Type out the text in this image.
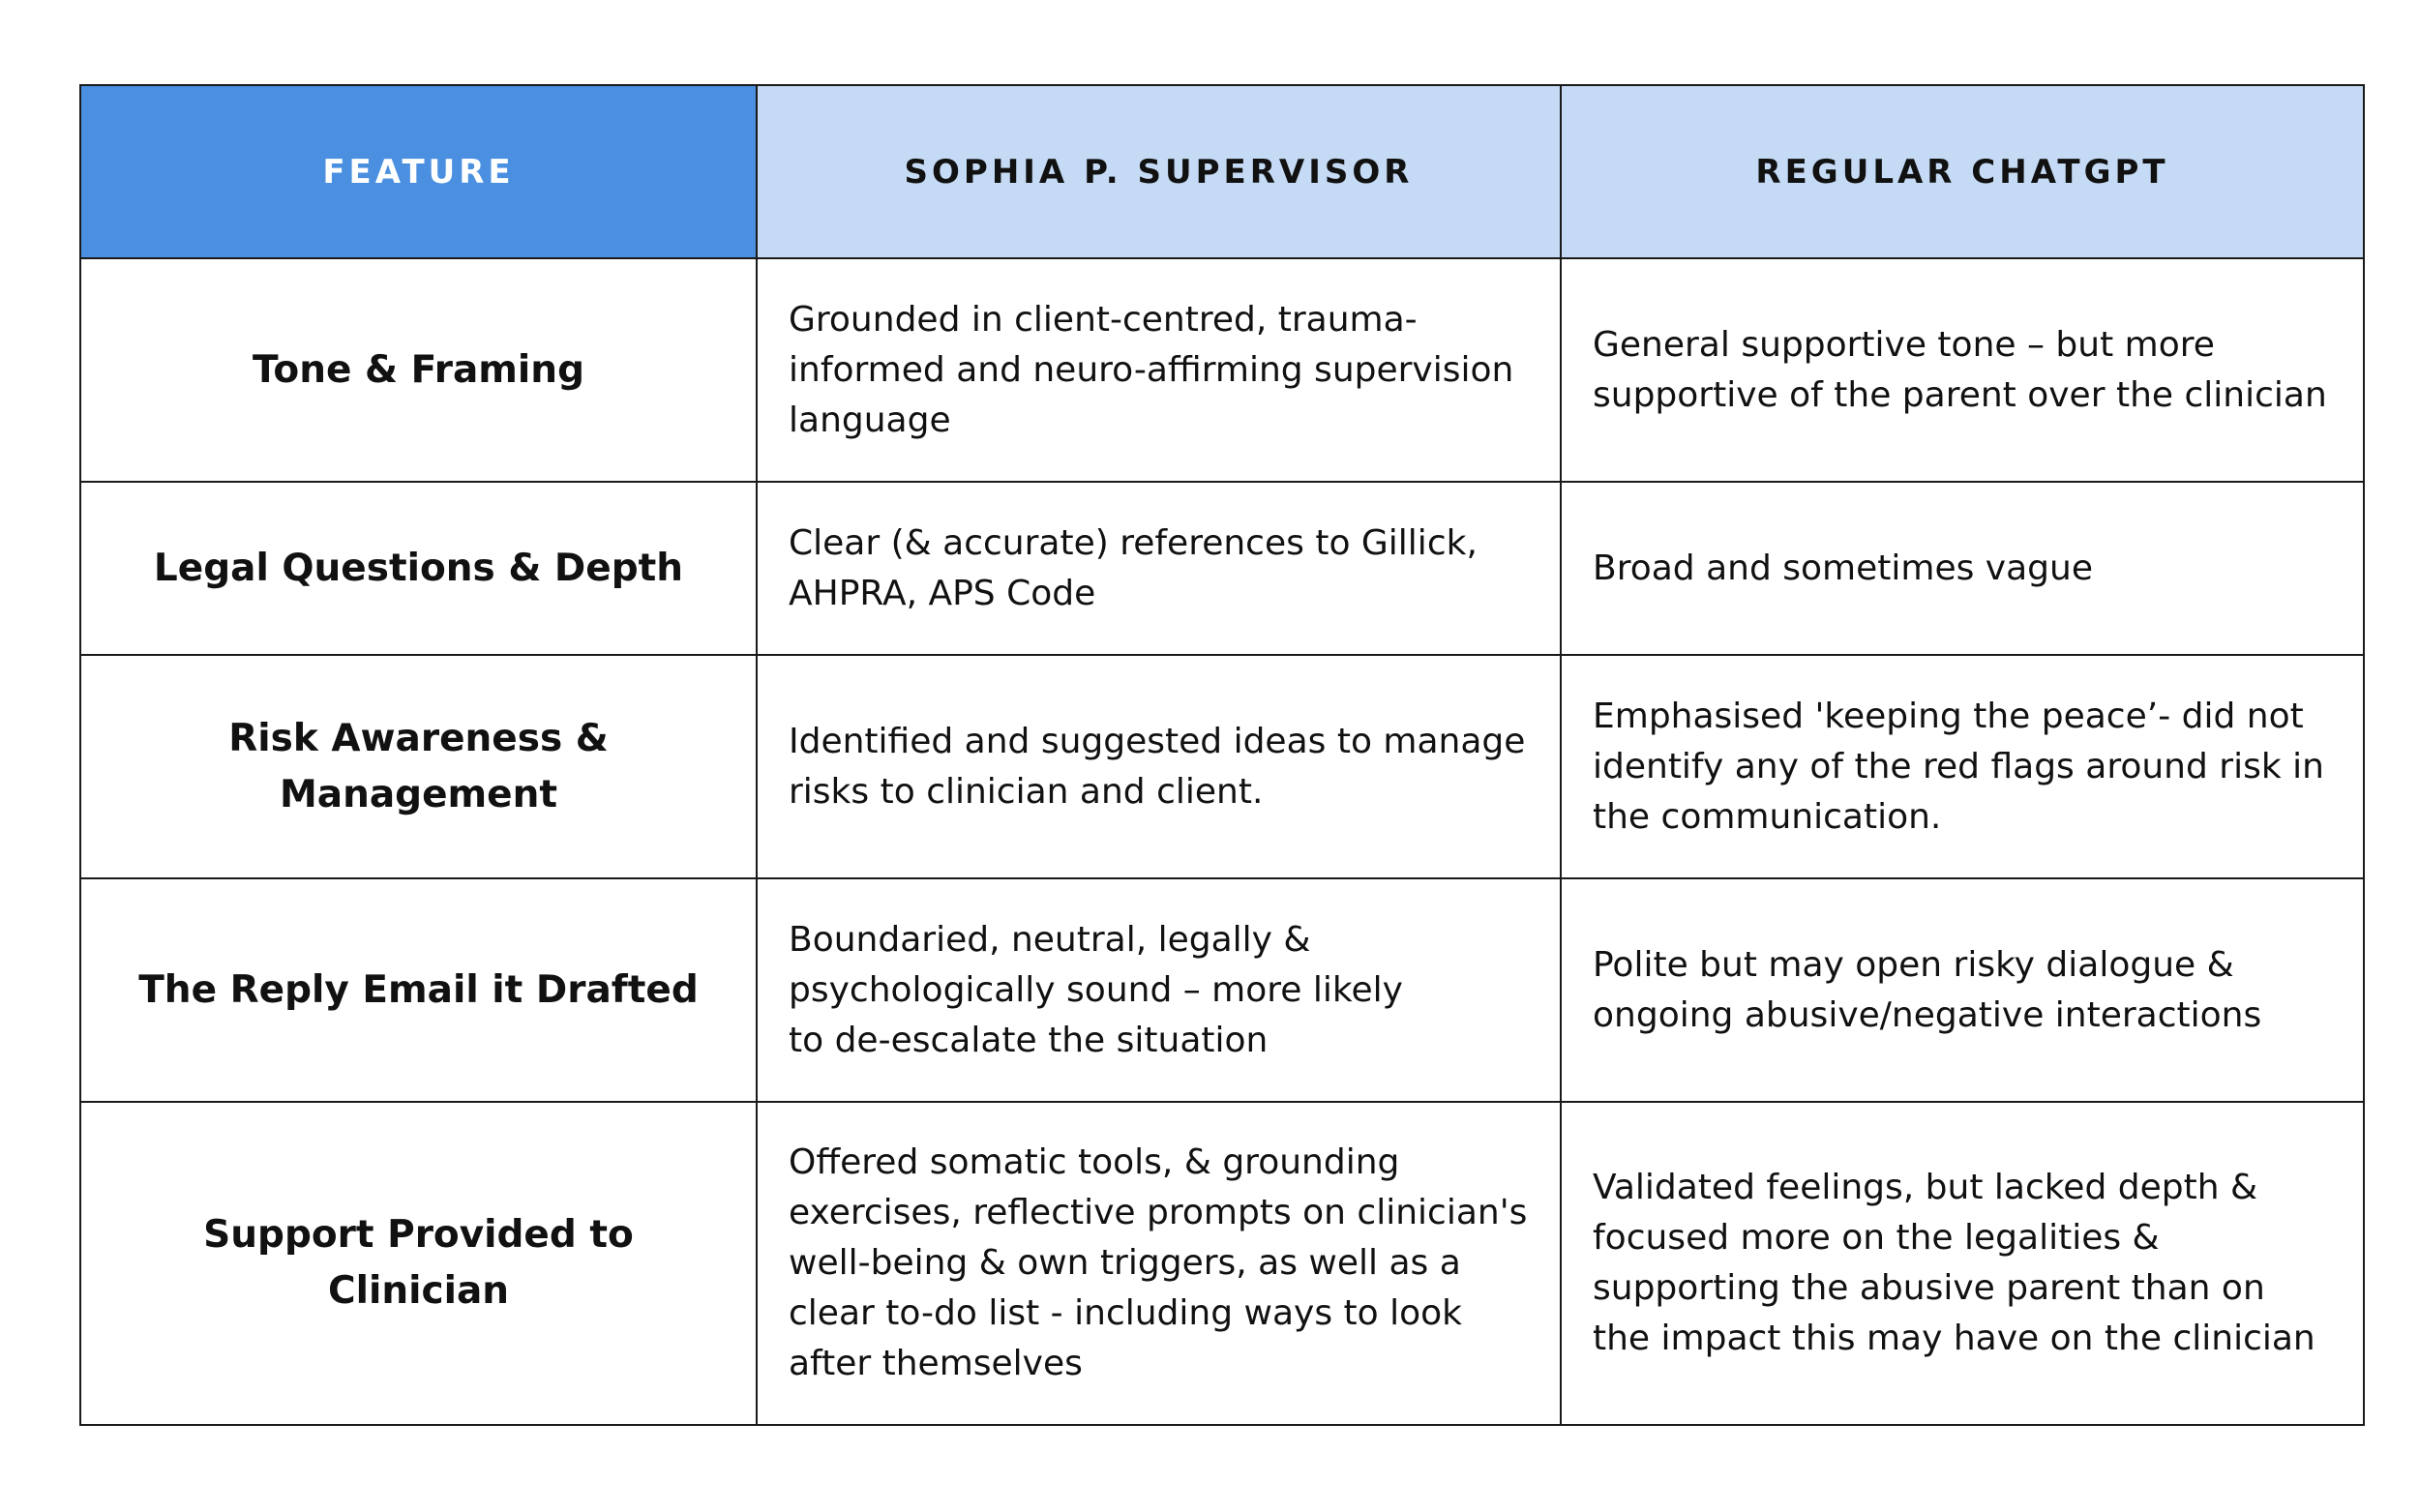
FEATURE	SOPHIA P. SUPERVISOR	REGULAR CHATGPT
Tone & Framing	Grounded in client-centred, trauma-informed and neuro-affirming supervision language	General supportive tone – but more supportive of the parent over the clinician
Legal Questions & Depth	Clear (& accurate) references to Gillick, AHPRA, APS Code	Broad and sometimes vague
Risk Awareness & Management	Identified and suggested ideas to manage risks to clinician and client.	Emphasised 'keeping the peace’- did not identify any of the red flags around risk in the communication.
The Reply Email it Drafted	Boundaried, neutral, legally &
psychologically sound – more likely
to de-escalate the situation	Polite but may open risky dialogue & ongoing abusive/negative interactions
Support Provided to Clinician	Offered somatic tools, & grounding exercises, reflective prompts on clinician's well-being & own triggers, as well as a clear to-do list - including ways to look after themselves	Validated feelings, but lacked depth & focused more on the legalities & supporting the abusive parent than on the impact this may have on the clinician
